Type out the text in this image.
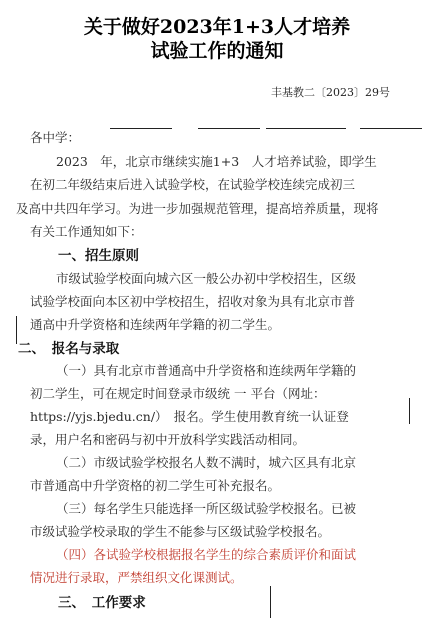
关于做好2023年1+3人才培养
试验工作的通知
丰基教二〔2023〕29号
各中学：
2023　年，北京市继续实施1+3　人才培养试验，即学生
在初二年级结束后进入试验学校，在试验学校连续完成初三
及高中共四年学习。为进一步加强规范管理，提高培养质量，现将
有关工作通知如下：
一、招生原则
市级试验学校面向城六区一般公办初中学校招生，区级
试验学校面向本区初中学校招生，招收对象为具有北京市普
通高中升学资格和连续两年学籍的初二学生。
二、　报名与录取
（一）具有北京市普通高中升学资格和连续两年学籍的
初二学生，可在规定时间登录市级统 一 平台（网址：
https://yjs.bjedu.cn/）　报名。学生使用教育统一认证登
录，用户名和密码与初中开放科学实践活动相同。
（二）市级试验学校报名人数不满时，城六区具有北京
市普通高中升学资格的初二学生可补充报名。
（三）每名学生只能选择一所区级试验学校报名。已被
市级试验学校录取的学生不能参与区级试验学校报名。
（四）各试验学校根据报名学生的综合素质评价和面试
情况进行录取，严禁组织文化课测试。
三、　工作要求
